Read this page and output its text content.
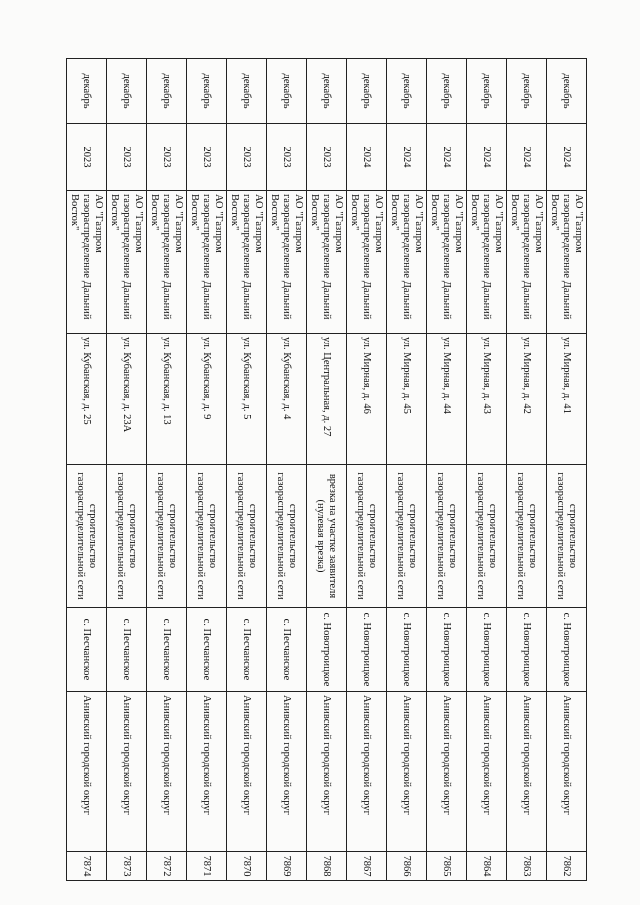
декабрь	2024	АО "Газпром газораспределение Дальний Восток"	ул. Мирная, д. 41	строительство газораспределительной сети	с. Новотроицкое	Анивский городской округ	7862
декабрь	2024	АО "Газпром газораспределение Дальний Восток"	ул. Мирная, д. 42	строительство газораспределительной сети	с. Новотроицкое	Анивский городской округ	7863
декабрь	2024	АО "Газпром газораспределение Дальний Восток"	ул. Мирная, д. 43	строительство газораспределительной сети	с. Новотроицкое	Анивский городской округ	7864
декабрь	2024	АО "Газпром газораспределение Дальний Восток"	ул. Мирная, д. 44	строительство газораспределительной сети	с. Новотроицкое	Анивский городской округ	7865
декабрь	2024	АО "Газпром газораспределение Дальний Восток"	ул. Мирная, д. 45	строительство газораспределительной сети	с. Новотроицкое	Анивский городской округ	7866
декабрь	2024	АО "Газпром газораспределение Дальний Восток"	ул. Мирная, д. 46	строительство газораспределительной сети	с. Новотроицкое	Анивский городской округ	7867
декабрь	2023	АО "Газпром газораспределение Дальний Восток"	ул. Центральная, д. 27	врезка на участке заявителя (нулевая врезка)	с. Новотроицкое	Анивский городской округ	7868
декабрь	2023	АО "Газпром газораспределение Дальний Восток"	ул. Кубанская, д. 4	строительство газораспределительной сети	с. Песчанское	Анивский городской округ	7869
декабрь	2023	АО "Газпром газораспределение Дальний Восток"	ул. Кубанская, д. 5	строительство газораспределительной сети	с. Песчанское	Анивский городской округ	7870
декабрь	2023	АО "Газпром газораспределение Дальний Восток"	ул. Кубанская, д. 9	строительство газораспределительной сети	с. Песчанское	Анивский городской округ	7871
декабрь	2023	АО "Газпром газораспределение Дальний Восток"	ул. Кубанская, д. 13	строительство газораспределительной сети	с. Песчанское	Анивский городской округ	7872
декабрь	2023	АО "Газпром газораспределение Дальний Восток"	ул. Кубанская, д. 23А	строительство газораспределительной сети	с. Песчанское	Анивский городской округ	7873
декабрь	2023	АО "Газпром газораспределение Дальний Восток"	ул. Кубанская, д. 25	строительство газораспределительной сети	с. Песчанское	Анивский городской округ	7874
